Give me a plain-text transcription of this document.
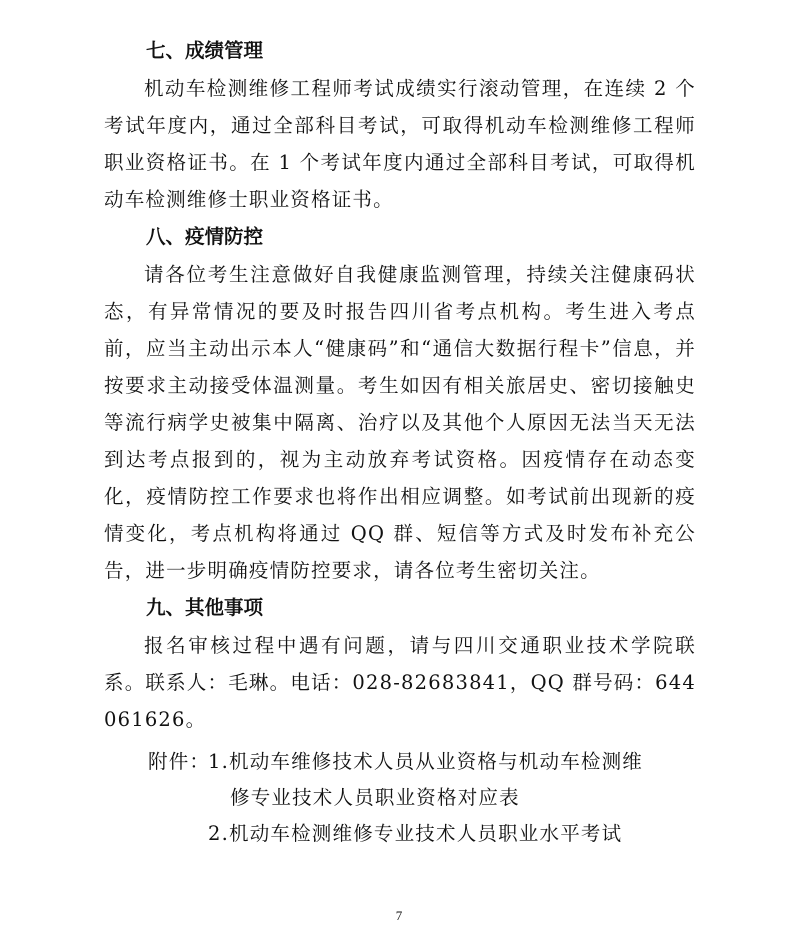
七、成绩管理

机动车检测维修工程师考试成绩实行滚动管理，在连续 2 个考试年度内，通过全部科目考试，可取得机动车检测维修工程师职业资格证书。在 1 个考试年度内通过全部科目考试，可取得机动车检测维修士职业资格证书。

八、疫情防控

请各位考生注意做好自我健康监测管理，持续关注健康码状态，有异常情况的要及时报告四川省考点机构。考生进入考点前，应当主动出示本人“健康码”和“通信大数据行程卡”信息，并按要求主动接受体温测量。考生如因有相关旅居史、密切接触史等流行病学史被集中隔离、治疗以及其他个人原因无法当天无法到达考点报到的，视为主动放弃考试资格。因疫情存在动态变化，疫情防控工作要求也将作出相应调整。如考试前出现新的疫情变化，考点机构将通过 QQ 群、短信等方式及时发布补充公告，进一步明确疫情防控要求，请各位考生密切关注。

九、其他事项

报名审核过程中遇有问题，请与四川交通职业技术学院联系。联系人：毛琳。电话：028-82683841，QQ 群号码：644061626。

附件：1.机动车维修技术人员从业资格与机动车检测维
修专业技术人员职业资格对应表
2.机动车检测维修专业技术人员职业水平考试
7
